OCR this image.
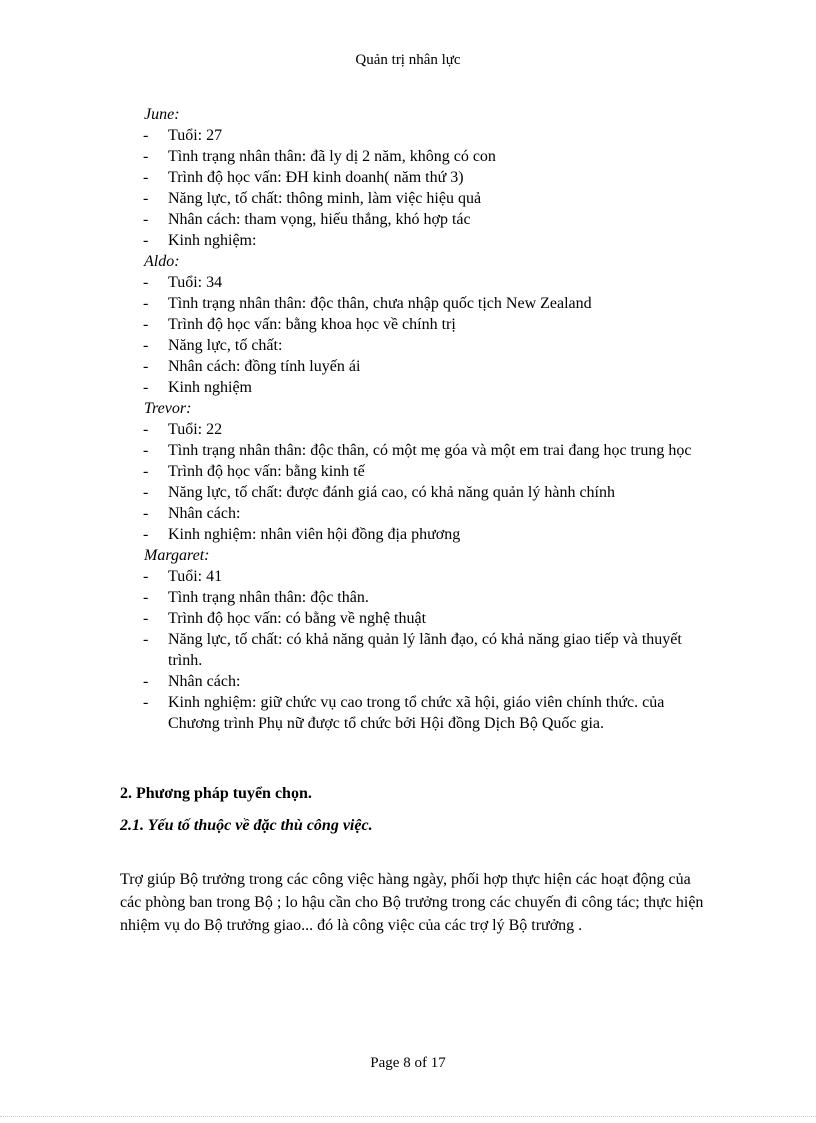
Quản trị nhân lực
June:
- Tuổi: 27
- Tình trạng nhân thân: đã ly dị 2 năm, không có con
- Trình độ học vấn: ĐH kinh doanh( năm thứ 3)
- Năng lực, tố chất: thông minh, làm việc hiệu quả
- Nhân cách: tham vọng, hiếu thắng, khó hợp tác
- Kinh nghiệm:
Aldo:
- Tuổi: 34
- Tình trạng nhân thân: độc thân, chưa nhập quốc tịch New Zealand
- Trình độ học vấn: bằng khoa học về chính trị
- Năng lực, tố chất:
- Nhân cách: đồng tính luyến ái
- Kinh nghiệm
Trevor:
- Tuổi: 22
- Tình trạng nhân thân: độc thân, có một mẹ góa và một em trai đang học trung học
- Trình độ học vấn: bằng kinh tế
- Năng lực, tố chất: được đánh giá cao, có khả năng quản lý hành chính
- Nhân cách:
- Kinh nghiệm: nhân viên hội đồng địa phương
Margaret:
- Tuổi: 41
- Tình trạng nhân thân: độc thân.
- Trình độ học vấn: có bằng về nghệ thuật
- Năng lực, tố chất: có khả năng quản lý lãnh đạo, có khả năng giao tiếp và thuyết trình.
- Nhân cách:
- Kinh nghiệm: giữ chức vụ cao trong tổ chức xã hội, giáo viên chính thức. của Chương trình Phụ nữ được tổ chức bởi Hội đồng Dịch Bộ Quốc gia.
2. Phương pháp tuyển chọn.
2.1. Yếu tố thuộc về đặc thù công việc.
Trợ giúp Bộ trưởng trong các công việc hàng ngày, phối hợp thực hiện các hoạt động của các phòng ban trong Bộ ; lo hậu cần cho Bộ trưởng trong các chuyến đi công tác; thực hiện nhiệm vụ do Bộ trưởng giao... đó là công việc của các trợ lý Bộ trưởng .
Page 8 of 17
